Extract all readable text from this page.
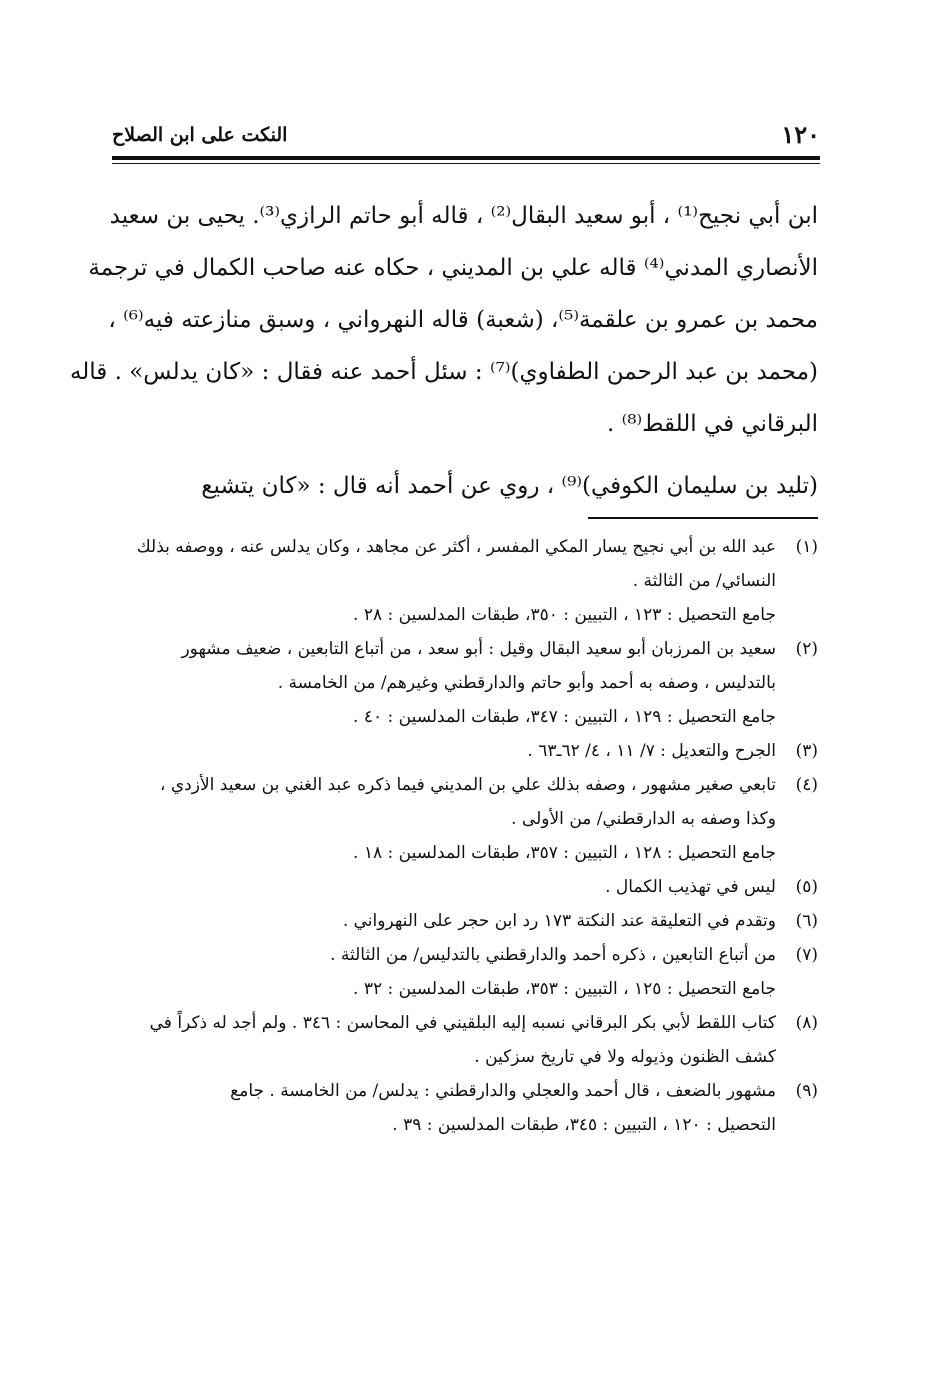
١٢٠
النكت على ابن الصلاح
ابن أبي نجيح⁽¹⁾ ، أبو سعيد البقال⁽²⁾ ، قاله أبو حاتم الرازي⁽³⁾. يحيى بن سعيد
الأنصاري المدني⁽⁴⁾ قاله علي بن المديني ، حكاه عنه صاحب الكمال في ترجمة
محمد بن عمرو بن علقمة⁽⁵⁾، (شعبة) قاله النهرواني ، وسبق منازعته فيه⁽⁶⁾ ،
(محمد بن عبد الرحمن الطفاوي)⁽⁷⁾ : سئل أحمد عنه فقال : «كان يدلس» . قاله
البرقاني في اللقط⁽⁸⁾ .
(تليد بن سليمان الكوفي)⁽⁹⁾ ، روي عن أحمد أنه قال : «كان يتشيع
(١)عبد الله بن أبي نجيح يسار المكي المفسر ، أكثر عن مجاهد ، وكان يدلس عنه ، ووصفه بذلك
النسائي/ من الثالثة .
جامع التحصيل : ١٢٣ ، التبيين : ٣٥٠، طبقات المدلسين : ٢٨ .
(٢)سعيد بن المرزبان أبو سعيد البقال وقيل : أبو سعد ، من أتباع التابعين ، ضعيف مشهور
بالتدليس ، وصفه به أحمد وأبو حاتم والدارقطني وغيرهم/ من الخامسة .
جامع التحصيل : ١٢٩ ، التبيين : ٣٤٧، طبقات المدلسين : ٤٠ .
(٣)الجرح والتعديل : ٧/ ١١ ، ٤/ ٦٢ـ٦٣ .
(٤)تابعي صغير مشهور ، وصفه بذلك علي بن المديني فيما ذكره عبد الغني بن سعيد الأزدي ،
وكذا وصفه به الدارقطني/ من الأولى .
جامع التحصيل : ١٢٨ ، التبيين : ٣٥٧، طبقات المدلسين : ١٨ .
(٥)ليس في تهذيب الكمال .
(٦)وتقدم في التعليقة عند النكتة ١٧٣ رد ابن حجر على النهرواني .
(٧)من أتباع التابعين ، ذكره أحمد والدارقطني بالتدليس/ من الثالثة .
جامع التحصيل : ١٢٥ ، التبيين : ٣٥٣، طبقات المدلسين : ٣٢ .
(٨)كتاب اللقط لأبي بكر البرقاني نسبه إليه البلقيني في المحاسن : ٣٤٦ . ولم أجد له ذكراً في
كشف الظنون وذيوله ولا في تاريخ سزكين .
(٩)مشهور بالضعف ، قال أحمد والعجلي والدارقطني : يدلس/ من الخامسة . جامع
التحصيل : ١٢٠ ، التبيين : ٣٤٥، طبقات المدلسين : ٣٩ .
